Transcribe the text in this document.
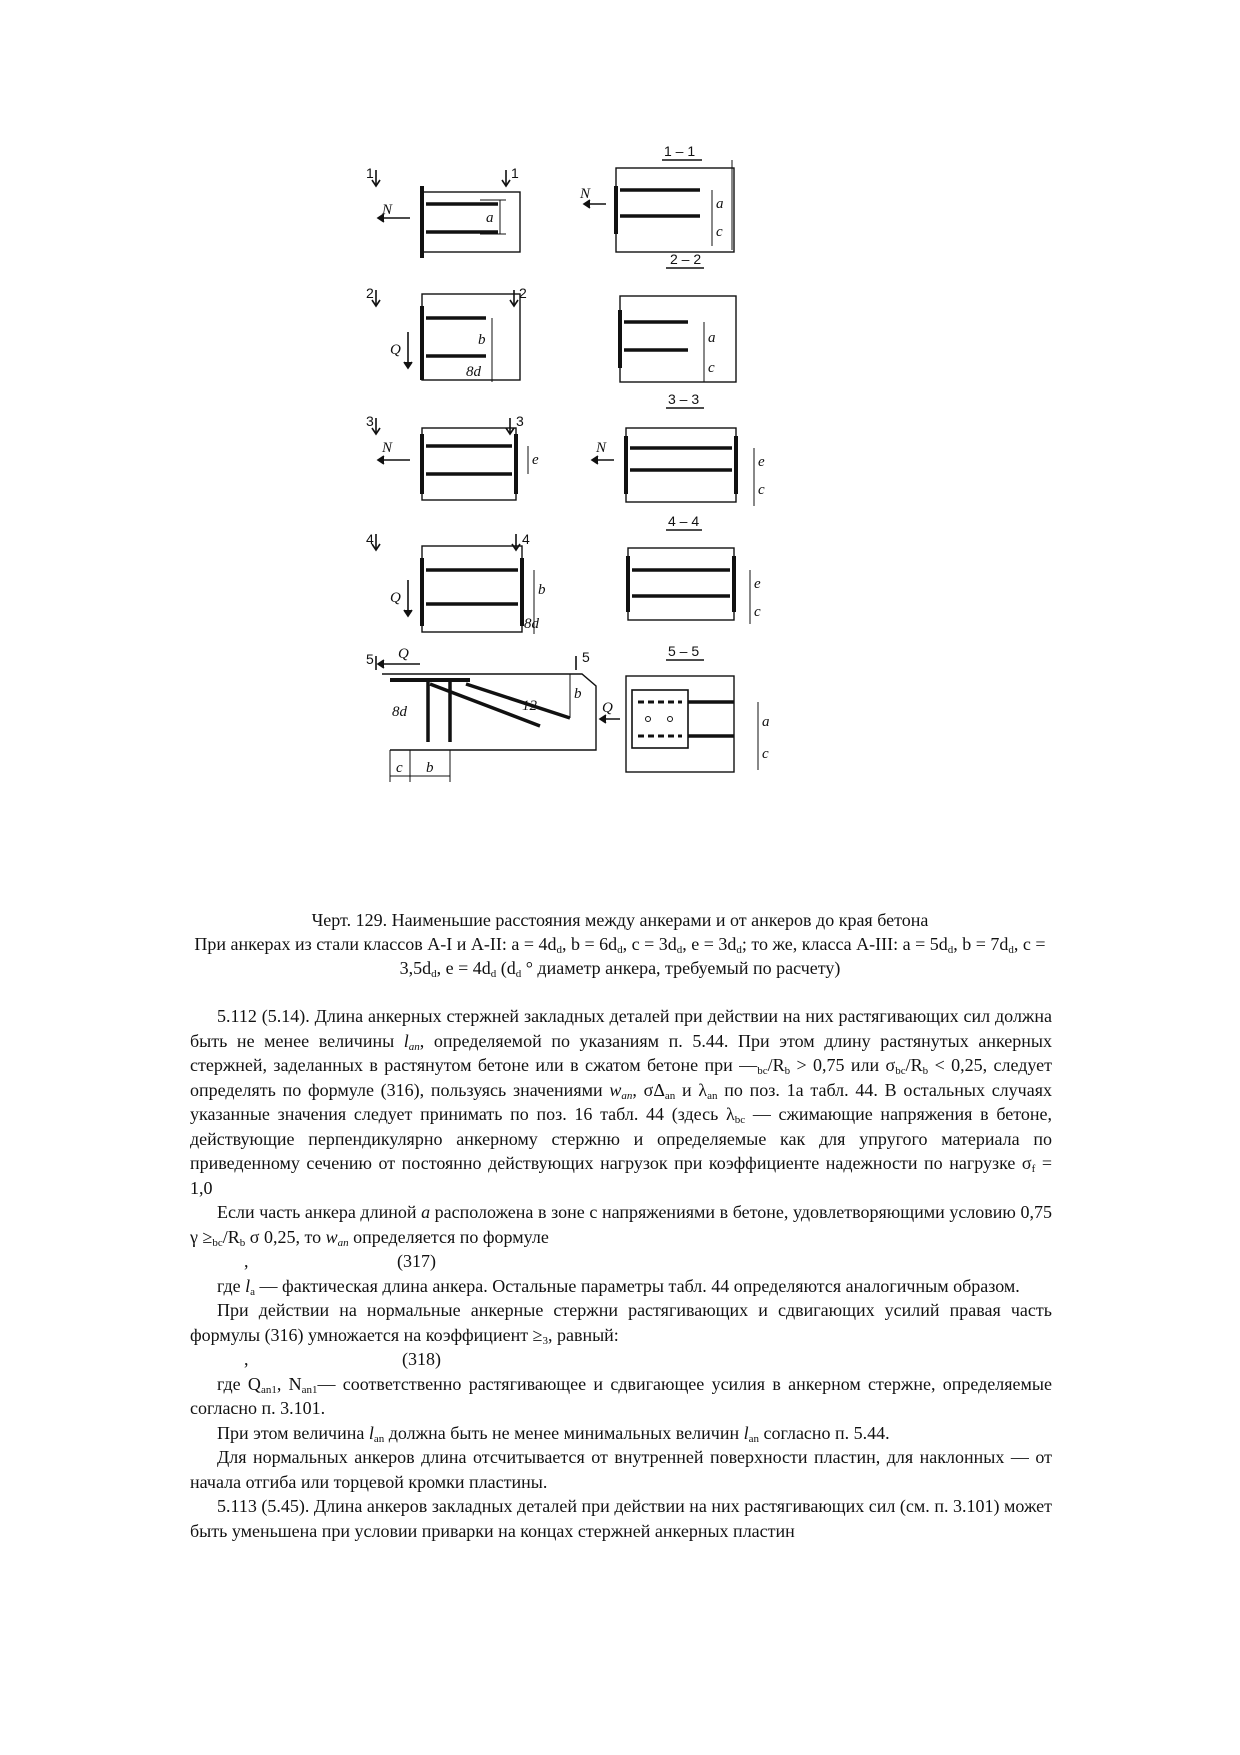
1	1
N	a
1 – 1
N
a
c
2	2
Q
b
8d
2 – 2
a
c
3	3
N
e
3 – 3
N
e
c
4	4
Q	b
8d
4 – 4
e
c
5	5
Q
b
12
8d
c b
5 – 5
Q
a
c

Черт. 129. Наименьшие расстояния между анкерами и от анкеров до края бетона

При анкерах из стали классов А-I и А-II: $a = 4d_d$, $b = 6d_d$, $c = 3d_d$, $e = 3d_d$; то же, класса А-III: $a = 5d_d$, $b = 7d_d$, $c = 3,5d_d$, $e = 4d_d$ ($d_d$ ° диаметр анкера, требуемый по расчету)

5.112 (5.14). Длина анкерных стержней закладных деталей при действии на них растягивающих сил должна быть не менее величины $l_{an}$, определяемой по указаниям п. 5.44. При этом длину растянутых анкерных стержней, заделанных в растянутом бетоне или в сжатом бетоне при $—_{bc}/R_b > 0,75$ или $\sigma_{bc}/R_b < 0,25$, следует определять по формуле (316), пользуясь значениями $w_{an}$, $\sigma\Delta_{an}$ и $\lambda_{an}$ по поз. 1а табл. 44. В остальных случаях указанные значения следует принимать по поз. 16 табл. 44 (здесь $\lambda_{bc}$ — сжимающие напряжения в бетоне, действующие перпендикулярно анкерному стержню и определяемые как для упругого материала по приведенному сечению от постоянно действующих нагрузок при коэффициенте надежности по нагрузке $\sigma_f = 1,0$

Если часть анкера длиной a расположена в зоне с напряжениями в бетоне, удовлетворяющими условию 0,75 $\gamma \ge_{bc}/R_b$ σ 0,25, то $w_{an}$ определяется по формуле

,	(317)

где $l_a$ — фактическая длина анкера. Остальные параметры табл. 44 определяются аналогичным образом.

При действии на нормальные анкерные стержни растягивающих и сдвигающих усилий правая часть формулы (316) умножается на коэффициент $\ge_3$, равный:

,	(318)

где $Q_{an1}$, $N_{an1}—$ соответственно растягивающее и сдвигающее усилия в анкерном стержне, определяемые согласно п. 3.101.

При этом величина $l_{an}$ должна быть не менее минимальных величин $l_{an}$ согласно п. 5.44.

Для нормальных анкеров длина отсчитывается от внутренней поверхности пластин, для наклонных — от начала отгиба или торцевой кромки пластины.

5.113 (5.45). Длина анкеров закладных деталей при действии на них растягивающих сил (см. п. 3.101) может быть уменьшена при условии приварки на концах стержней анкерных пластин
